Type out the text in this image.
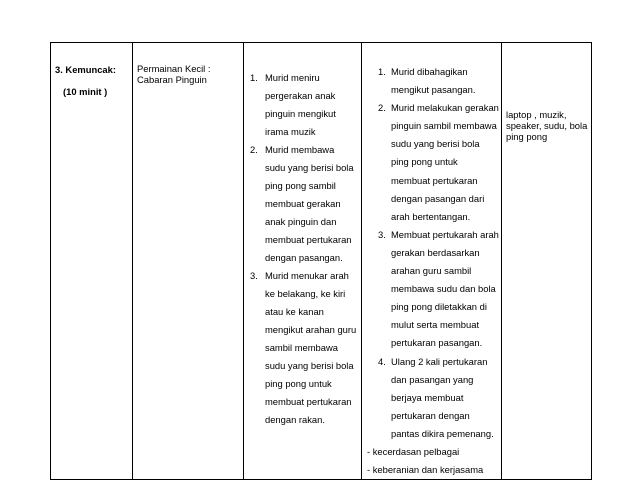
3. Kemuncak:
(10 minit )

Permainan Kecil :
Cabaran Pinguin	1. Murid meniru pergerakan anak pinguin mengikut irama muzik
2. Murid membawa sudu yang berisi bola ping pong sambil membuat gerakan anak pinguin dan membuat pertukaran dengan pasangan.
3. Murid menukar arah ke belakang, ke kiri atau ke kanan mengikut arahan guru sambil membawa sudu yang berisi bola ping pong untuk membuat pertukaran dengan rakan.

1. Murid dibahagikan mengikut pasangan.
2. Murid melakukan gerakan pinguin sambil membawa sudu yang berisi bola ping pong untuk membuat pertukaran dengan pasangan dari arah bertentangan.
3. Membuat pertukarah arah gerakan berdasarkan arahan guru sambil membawa sudu dan bola ping pong diletakkan di mulut serta membuat pertukaran pasangan.
4. Ulang 2 kali pertukaran dan pasangan yang berjaya membuat pertukaran dengan pantas dikira pemenang.
- kecerdasan pelbagai
- keberanian dan kerjasama

laptop , muzik, speaker, sudu, bola ping pong
